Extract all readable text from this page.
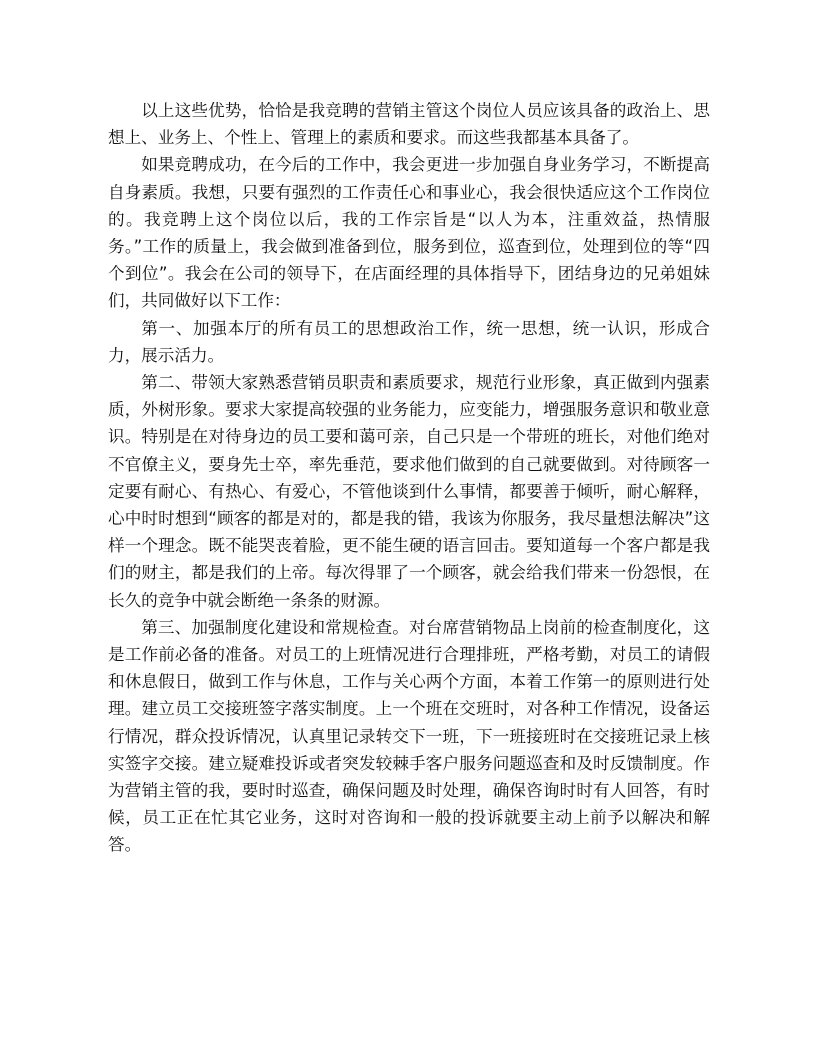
以上这些优势，恰恰是我竞聘的营销主管这个岗位人员应该具备的政治上、思想上、业务上、个性上、管理上的素质和要求。而这些我都基本具备了。

如果竞聘成功，在今后的工作中，我会更进一步加强自身业务学习，不断提高自身素质。我想，只要有强烈的工作责任心和事业心，我会很快适应这个工作岗位的。我竞聘上这个岗位以后，我的工作宗旨是“以人为本，注重效益，热情服务。”工作的质量上，我会做到准备到位，服务到位，巡查到位，处理到位的等“四个到位”。我会在公司的领导下，在店面经理的具体指导下，团结身边的兄弟姐妹们，共同做好以下工作：

第一、加强本厅的所有员工的思想政治工作，统一思想，统一认识，形成合力，展示活力。

第二、带领大家熟悉营销员职责和素质要求，规范行业形象，真正做到内强素质，外树形象。要求大家提高较强的业务能力，应变能力，增强服务意识和敬业意识。特别是在对待身边的员工要和蔼可亲，自己只是一个带班的班长，对他们绝对不官僚主义，要身先士卒，率先垂范，要求他们做到的自己就要做到。对待顾客一定要有耐心、有热心、有爱心，不管他谈到什么事情，都要善于倾听，耐心解释，心中时时想到“顾客的都是对的，都是我的错，我该为你服务，我尽量想法解决”这样一个理念。既不能哭丧着脸，更不能生硬的语言回击。要知道每一个客户都是我们的财主，都是我们的上帝。每次得罪了一个顾客，就会给我们带来一份怨恨，在长久的竞争中就会断绝一条条的财源。

第三、加强制度化建设和常规检查。对台席营销物品上岗前的检查制度化，这是工作前必备的准备。对员工的上班情况进行合理排班，严格考勤，对员工的请假和休息假日，做到工作与休息，工作与关心两个方面，本着工作第一的原则进行处理。建立员工交接班签字落实制度。上一个班在交班时，对各种工作情况，设备运行情况，群众投诉情况，认真里记录转交下一班，下一班接班时在交接班记录上核实签字交接。建立疑难投诉或者突发较棘手客户服务问题巡查和及时反馈制度。作为营销主管的我，要时时巡查，确保问题及时处理，确保咨询时时有人回答，有时候，员工正在忙其它业务，这时对咨询和一般的投诉就要主动上前予以解决和解答。
